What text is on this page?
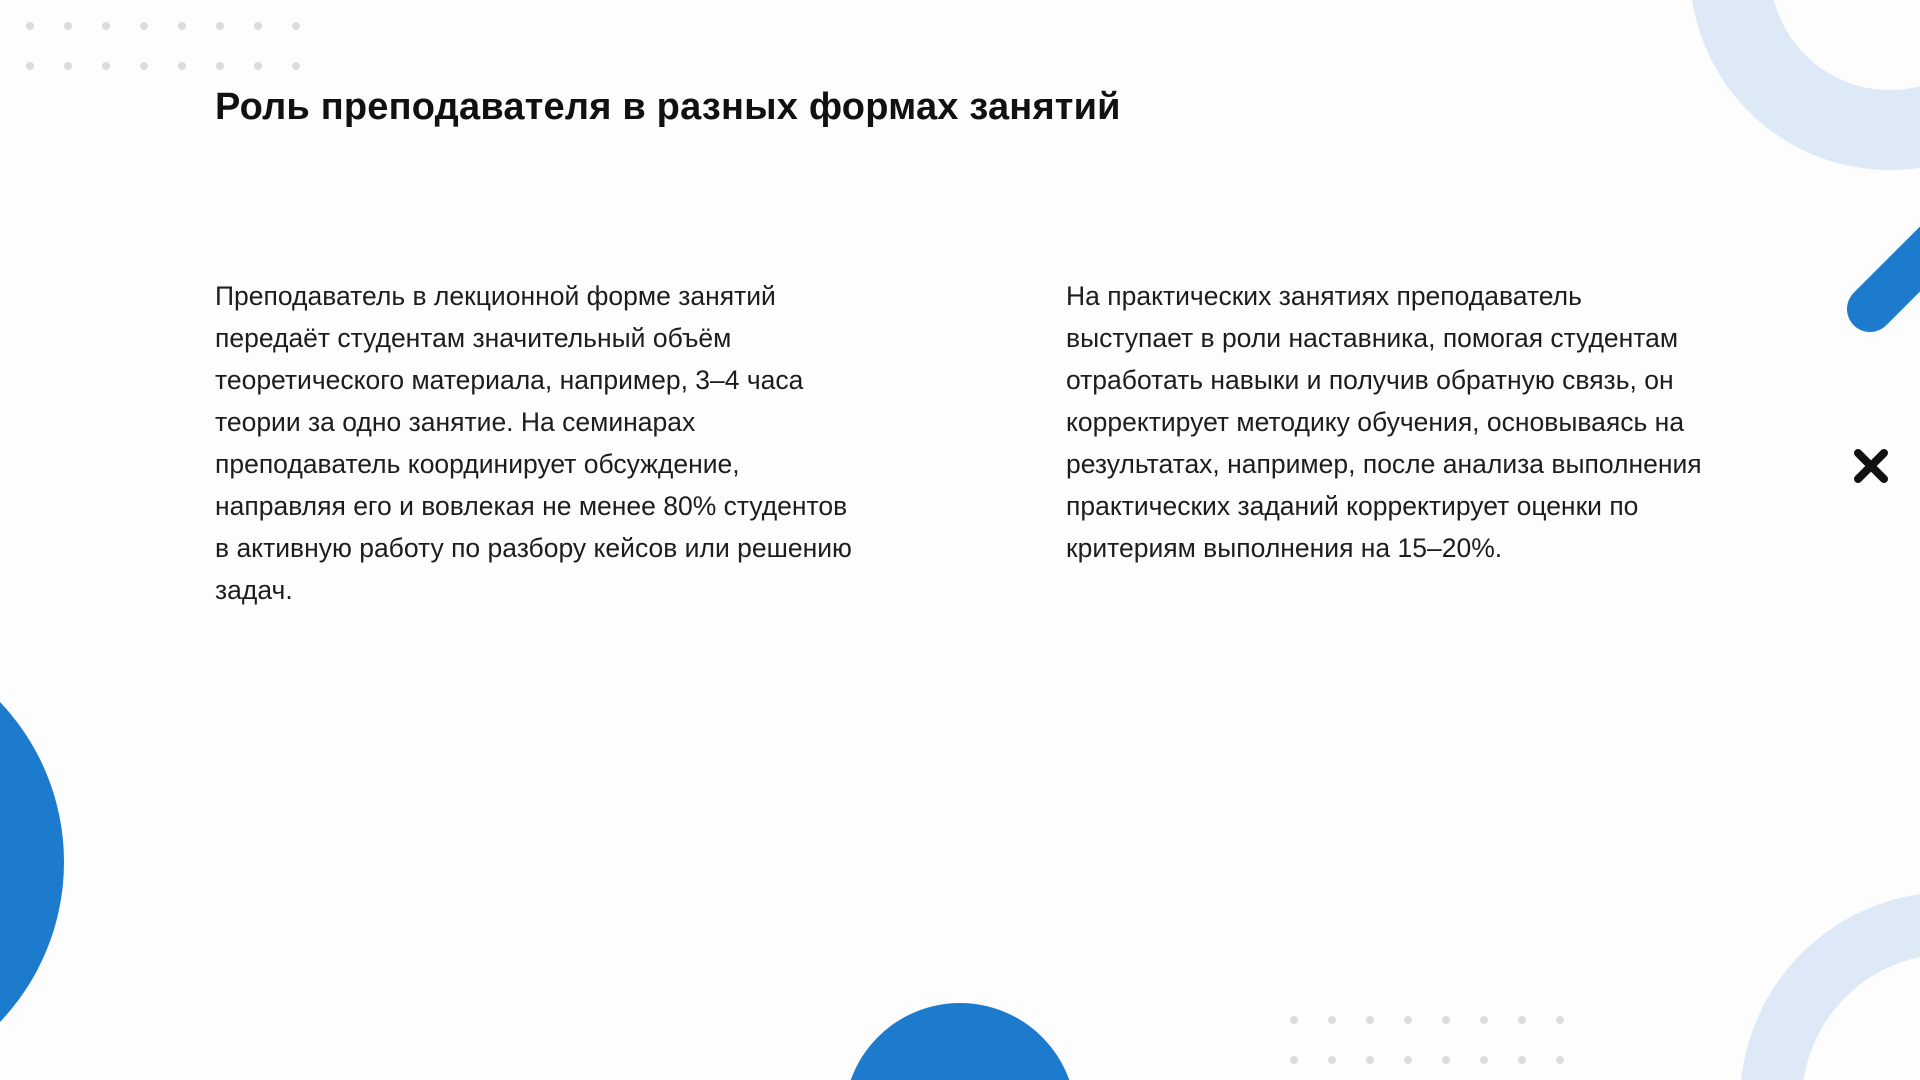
Роль преподавателя в разных формах занятий

Преподаватель в лекционной форме занятий передаёт студентам значительный объём теоретического материала, например, 3–4 часа теории за одно занятие. На семинарах преподаватель координирует обсуждение, направляя его и вовлекая не менее 80% студентов в активную работу по разбору кейсов или решению задач.

На практических занятиях преподаватель выступает в роли наставника, помогая студентам отработать навыки и получив обратную связь, он корректирует методику обучения, основываясь на результатах, например, после анализа выполнения практических заданий корректирует оценки по критериям выполнения на 15–20%.
